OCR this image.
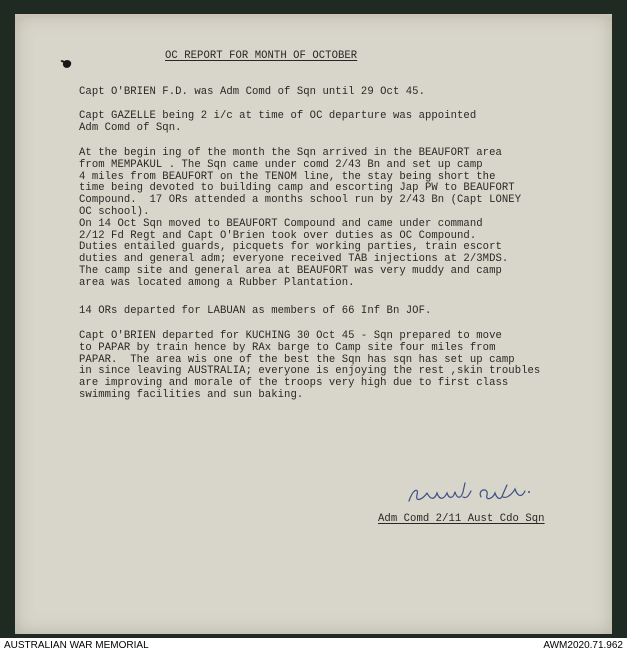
OC REPORT FOR MONTH OF OCTOBER
Capt O'BRIEN F.D. was Adm Comd of Sqn until 29 Oct 45.
Capt GAZELLE being 2 i/c at time of OC departure was appointed
Adm Comd of Sqn.
At the begin ing of the month the Sqn arrived in the BEAUFORT area
from MEMPAKUL . The Sqn came under comd 2/43 Bn and set up camp
4 miles from BEAUFORT on the TENOM line, the stay being short the
time being devoted to building camp and escorting Jap PW to BEAUFORT
Compound.  17 ORs attended a months school run by 2/43 Bn (Capt LONEY
OC school).
On 14 Oct Sqn moved to BEAUFORT Compound and came under command
2/12 Fd Regt and Capt O'Brien took over duties as OC Compound.
Duties entailed guards, picquets for working parties, train escort
duties and general adm; everyone received TAB injections at 2/3MDS.
The camp site and general area at BEAUFORT was very muddy and camp
area was located among a Rubber Plantation.
14 ORs departed for LABUAN as members of 66 Inf Bn JOF.
Capt O'BRIEN departed for KUCHING 30 Oct 45 - Sqn prepared to move
to PAPAR by train hence by RAx barge to Camp site four miles from
PAPAR.  The area wis one of the best the Sqn has sqn has set up camp
in since leaving AUSTRALIA; everyone is enjoying the rest ,skin troubles
are improving and morale of the troops very high due to first class
swimming facilities and sun baking.
Adm Comd 2/11 Aust Cdo Sqn
AUSTRALIAN WAR MEMORIAL	AWM2020.71.962
